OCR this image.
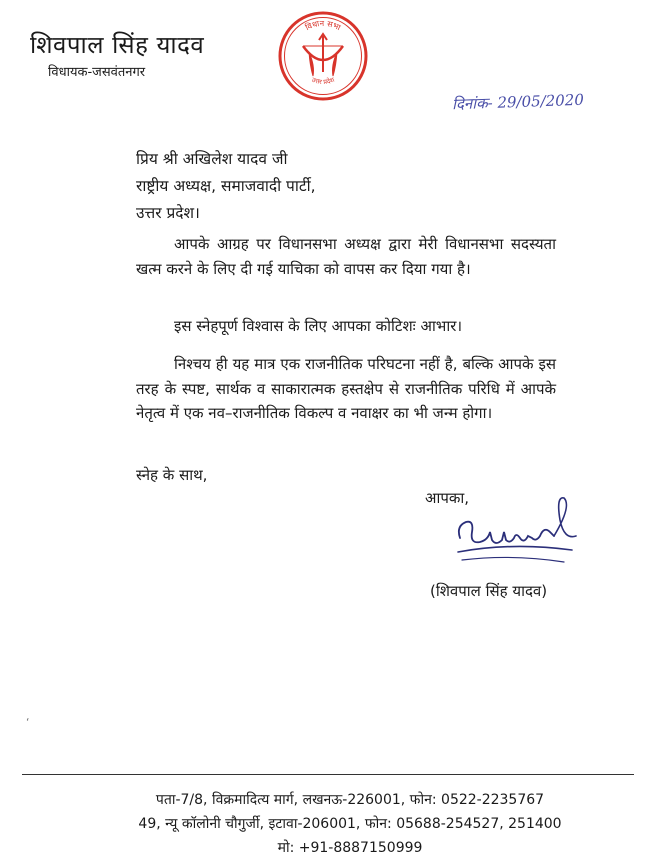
शिवपाल सिंह यादव
विधायक-जसवंतनगर
विधान सभा
उत्तर प्रदेश
दिनांक- 29/05/2020
प्रिय श्री अखिलेश यादव जी
राष्ट्रीय अध्यक्ष, समाजवादी पार्टी,
उत्तर प्रदेश।
आपके आग्रह पर विधानसभा अध्यक्ष द्वारा मेरी विधानसभा सदस्यता खत्म करने के लिए दी गई याचिका को वापस कर दिया गया है।
इस स्नेहपूर्ण विश्वास के लिए आपका कोटिशः आभार।
निश्चय ही यह मात्र एक राजनीतिक परिघटना नहीं है, बल्कि आपके इस तरह के स्पष्ट, सार्थक व साकारात्मक हस्तक्षेप से राजनीतिक परिधि में आपके नेतृत्व में एक नव–राजनीतिक विकल्प व नवाक्षर का भी जन्म होगा।
स्नेह के साथ,
आपका,
(शिवपाल सिंह यादव)
‘
पता-7/8, विक्रमादित्य मार्ग, लखनऊ-226001, फोन: 0522-2235767
49, न्यू कॉलोनी चौगुर्जी, इटावा-206001, फोन: 05688-254527, 251400
मो: +91-8887150999
